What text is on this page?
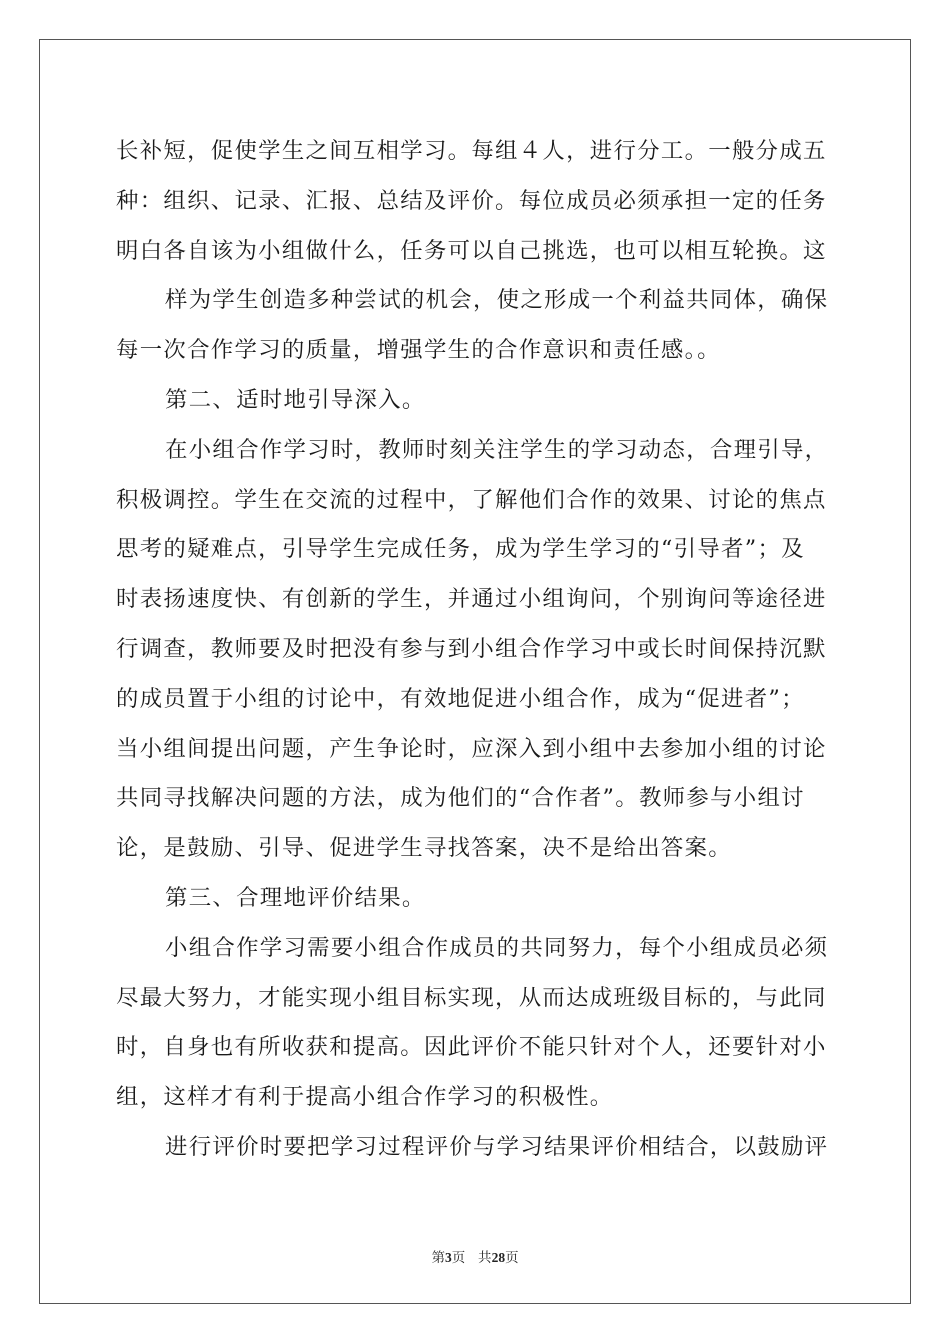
长补短，促使学生之间互相学习。每组４人，进行分工。一般分成五
种：组织、记录、汇报、总结及评价。每位成员必须承担一定的任务
明白各自该为小组做什么，任务可以自己挑选，也可以相互轮换。这
样为学生创造多种尝试的机会，使之形成一个利益共同体，确保
每一次合作学习的质量，增强学生的合作意识和责任感。。
第二、适时地引导深入。
在小组合作学习时，教师时刻关注学生的学习动态，合理引导，
积极调控。学生在交流的过程中，了解他们合作的效果、讨论的焦点
思考的疑难点，引导学生完成任务，成为学生学习的“引导者”；及
时表扬速度快、有创新的学生，并通过小组询问，个别询问等途径进
行调查，教师要及时把没有参与到小组合作学习中或长时间保持沉默
的成员置于小组的讨论中，有效地促进小组合作，成为“促进者”；
当小组间提出问题，产生争论时，应深入到小组中去参加小组的讨论
共同寻找解决问题的方法，成为他们的“合作者”。教师参与小组讨
论，是鼓励、引导、促进学生寻找答案，决不是给出答案。
第三、合理地评价结果。
小组合作学习需要小组合作成员的共同努力，每个小组成员必须
尽最大努力，才能实现小组目标实现，从而达成班级目标的，与此同
时，自身也有所收获和提高。因此评价不能只针对个人，还要针对小
组，这样才有利于提高小组合作学习的积极性。
进行评价时要把学习过程评价与学习结果评价相结合，以鼓励评
第3页   共28页
